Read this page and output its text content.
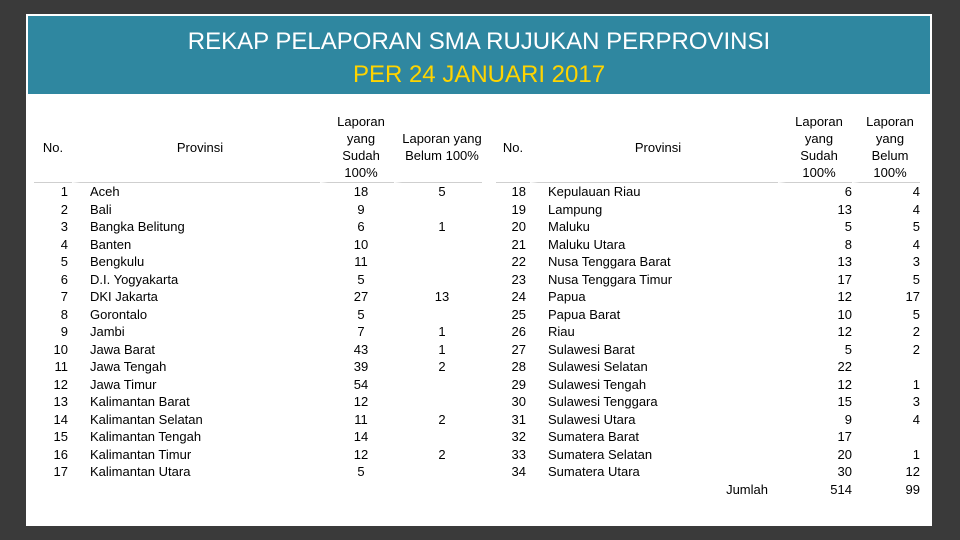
REKAP PELAPORAN SMA RUJUKAN PERPROVINSI
PER 24 JANUARI 2017
No.	Provinsi	Laporan yang Sudah 100%	Laporan yang Belum 100%
1	Aceh	18	5
2	Bali	9	
3	Bangka Belitung	6	1
4	Banten	10	
5	Bengkulu	11	
6	D.I. Yogyakarta	5	
7	DKI Jakarta	27	13
8	Gorontalo	5	
9	Jambi	7	1
10	Jawa Barat	43	1
11	Jawa Tengah	39	2
12	Jawa Timur	54	
13	Kalimantan Barat	12	
14	Kalimantan Selatan	11	2
15	Kalimantan Tengah	14	
16	Kalimantan Timur	12	2
17	Kalimantan Utara	5	
No.	Provinsi	Laporan yang Sudah 100%	Laporan yang Belum 100%
18	Kepulauan Riau	6	4
19	Lampung	13	4
20	Maluku	5	5
21	Maluku Utara	8	4
22	Nusa Tenggara Barat	13	3
23	Nusa Tenggara Timur	17	5
24	Papua	12	17
25	Papua Barat	10	5
26	Riau	12	2
27	Sulawesi Barat	5	2
28	Sulawesi Selatan	22	
29	Sulawesi Tengah	12	1
30	Sulawesi Tenggara	15	3
31	Sulawesi Utara	9	4
32	Sumatera Barat	17	
33	Sumatera Selatan	20	1
34	Sumatera Utara	30	12
	Jumlah	514	99
